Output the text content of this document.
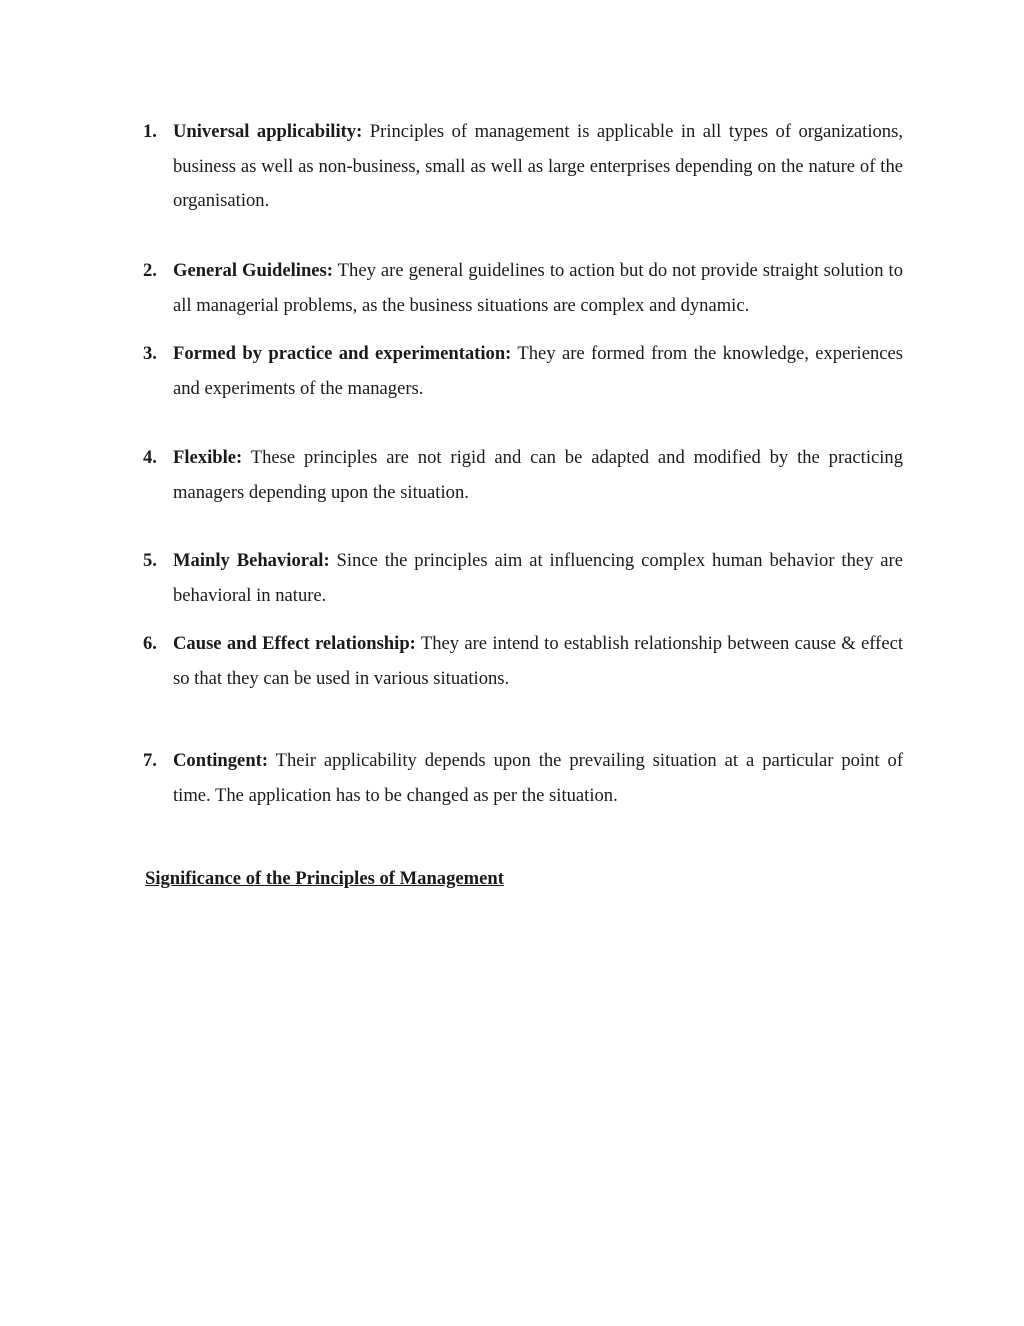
1. Universal applicability: Principles of management is applicable in all types of organizations, business as well as non-business, small as well as large enterprises depending on the nature of the organisation.
2. General Guidelines: They are general guidelines to action but do not provide straight solution to all managerial problems, as the business situations are complex and dynamic.
3. Formed by practice and experimentation: They are formed from the knowledge, experiences and experiments of the managers.
4. Flexible: These principles are not rigid and can be adapted and modified by the practicing managers depending upon the situation.
5. Mainly Behavioral: Since the principles aim at influencing complex human behavior they are behavioral in nature.
6. Cause and Effect relationship: They are intend to establish relationship between cause & effect so that they can be used in various situations.
7. Contingent: Their applicability depends upon the prevailing situation at a particular point of time. The application has to be changed as per the situation.
Significance of the Principles of Management
